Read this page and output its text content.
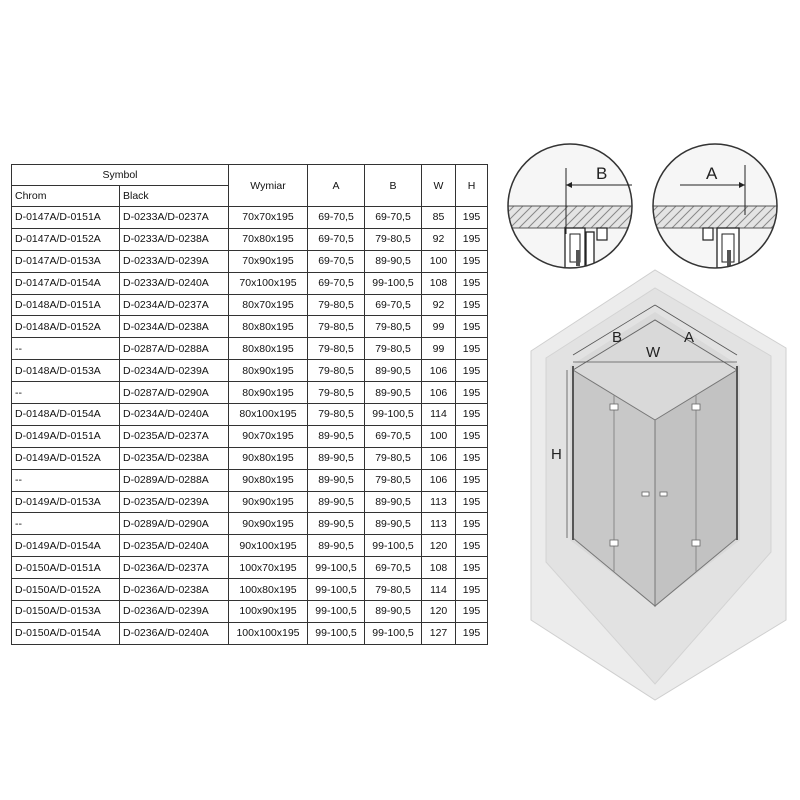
Symbol		Wymiar	A	B	W	H
Chrom	Black					
D-0147A/D-0151A	D-0233A/D-0237A	70x70x195	69-70,5	69-70,5	85	195
D-0147A/D-0152A	D-0233A/D-0238A	70x80x195	69-70,5	79-80,5	92	195
D-0147A/D-0153A	D-0233A/D-0239A	70x90x195	69-70,5	89-90,5	100	195
D-0147A/D-0154A	D-0233A/D-0240A	70x100x195	69-70,5	99-100,5	108	195
D-0148A/D-0151A	D-0234A/D-0237A	80x70x195	79-80,5	69-70,5	92	195
D-0148A/D-0152A	D-0234A/D-0238A	80x80x195	79-80,5	79-80,5	99	195
--	D-0287A/D-0288A	80x80x195	79-80,5	79-80,5	99	195
D-0148A/D-0153A	D-0234A/D-0239A	80x90x195	79-80,5	89-90,5	106	195
--	D-0287A/D-0290A	80x90x195	79-80,5	89-90,5	106	195
D-0148A/D-0154A	D-0234A/D-0240A	80x100x195	79-80,5	99-100,5	114	195
D-0149A/D-0151A	D-0235A/D-0237A	90x70x195	89-90,5	69-70,5	100	195
D-0149A/D-0152A	D-0235A/D-0238A	90x80x195	89-90,5	79-80,5	106	195
--	D-0289A/D-0288A	90x80x195	89-90,5	79-80,5	106	195
D-0149A/D-0153A	D-0235A/D-0239A	90x90x195	89-90,5	89-90,5	113	195
--	D-0289A/D-0290A	90x90x195	89-90,5	89-90,5	113	195
D-0149A/D-0154A	D-0235A/D-0240A	90x100x195	89-90,5	99-100,5	120	195
D-0150A/D-0151A	D-0236A/D-0237A	100x70x195	99-100,5	69-70,5	108	195
D-0150A/D-0152A	D-0236A/D-0238A	100x80x195	99-100,5	79-80,5	114	195
D-0150A/D-0153A	D-0236A/D-0239A	100x90x195	99-100,5	89-90,5	120	195
D-0150A/D-0154A	D-0236A/D-0240A	100x100x195	99-100,5	99-100,5	127	195
B	A
B	A
W
H
